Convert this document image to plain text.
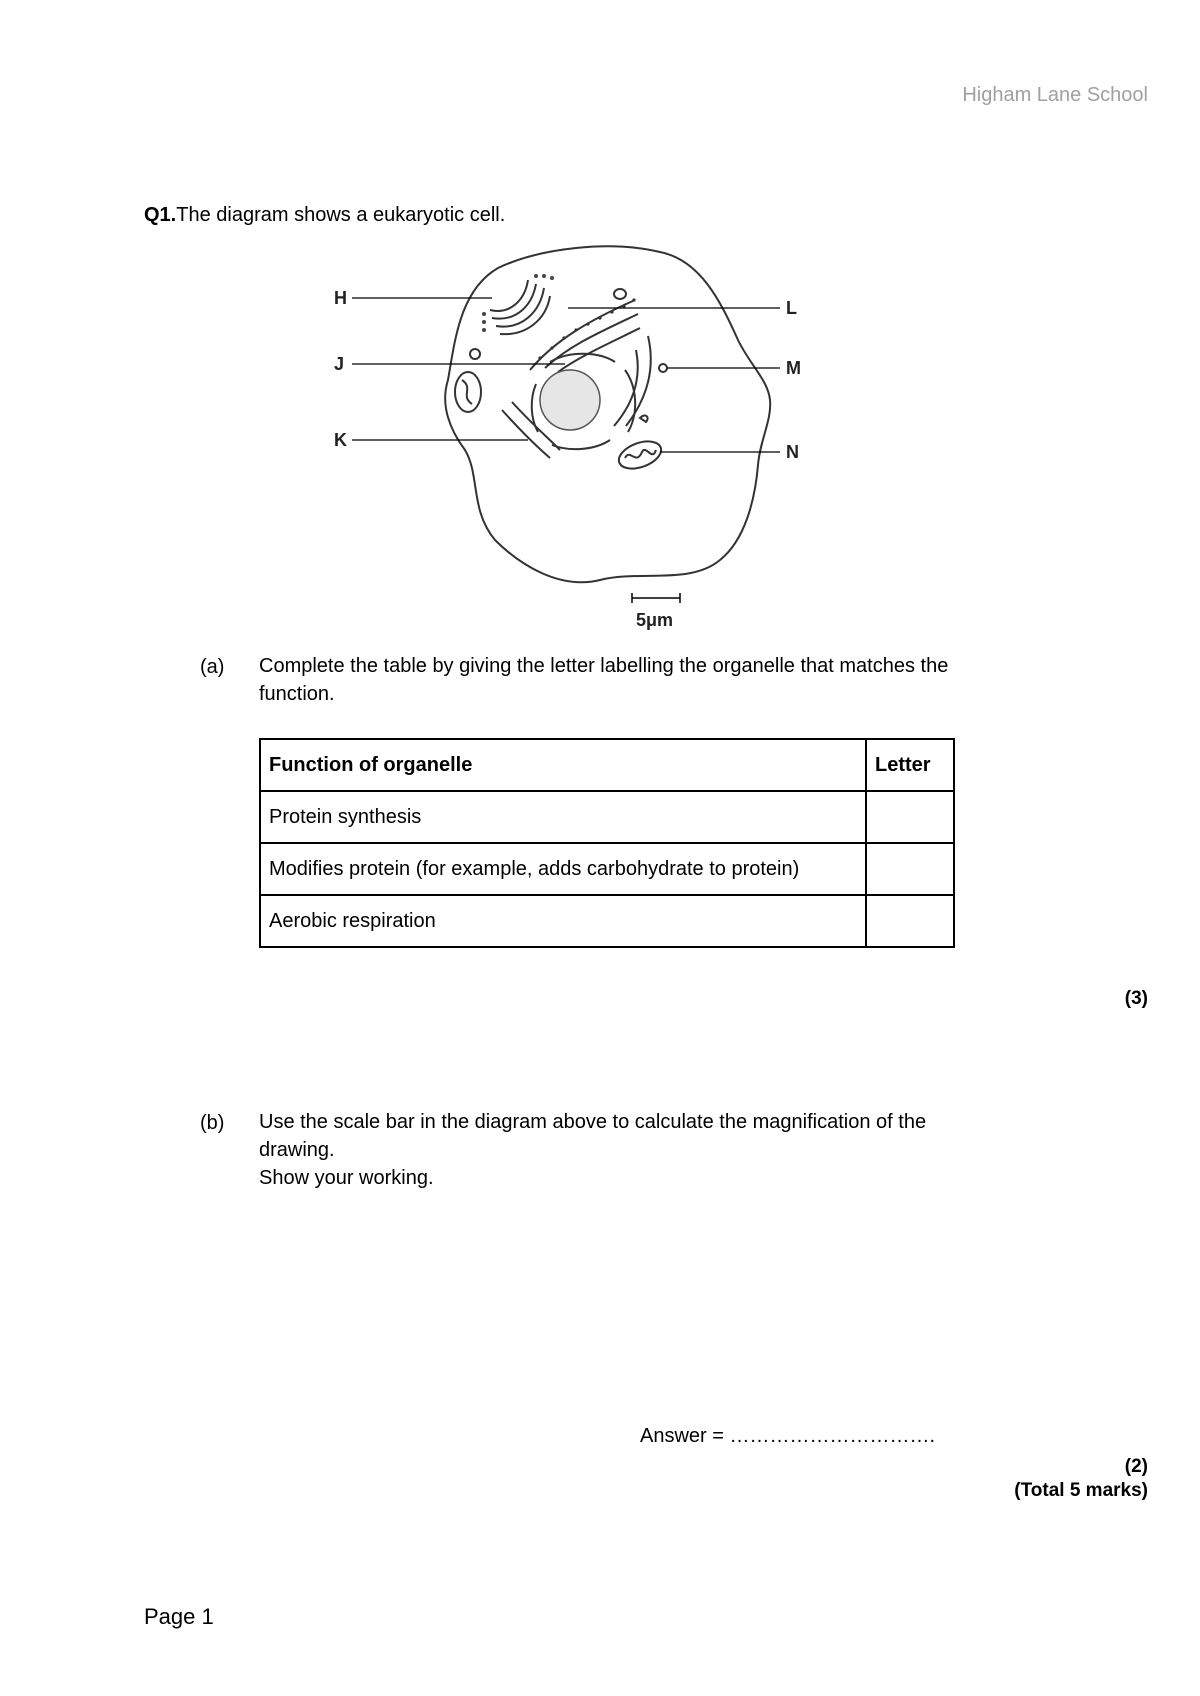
Higham Lane School
Q1.The diagram shows a eukaryotic cell.
H
J
K
L
M
N
5μm
(a) Complete the table by giving the letter labelling the organelle that matches the
function.
Function of organelle	Letter
Protein synthesis	
Modifies protein (for example, adds carbohydrate to protein)	
Aerobic respiration	
(3)
(b) Use the scale bar in the diagram above to calculate the magnification of the
drawing.
Show your working.
Answer = ………………………….
(2)
(Total 5 marks)
Page 1
